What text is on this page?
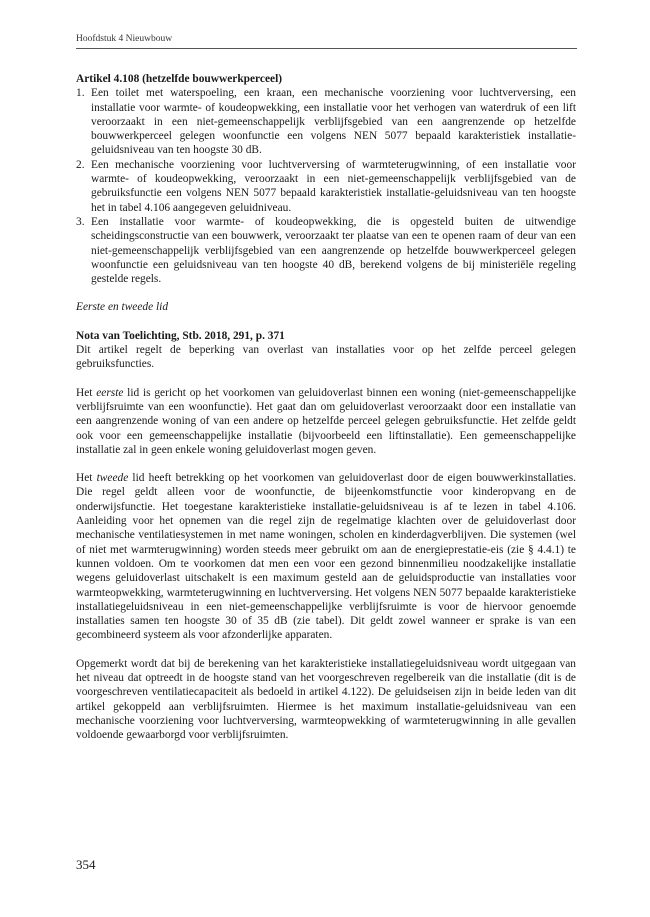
Hoofdstuk 4 Nieuwbouw

Artikel 4.108 (hetzelfde bouwwerkperceel)

1. Een toilet met waterspoeling, een kraan, een mechanische voorziening voor luchtverversing, een installatie voor warmte- of koudeopwekking, een installatie voor het verhogen van waterdruk of een lift veroorzaakt in een niet-gemeenschappelijk verblijfsgebied van een aangrenzende op hetzelfde bouwwerkperceel gelegen woonfunctie een volgens NEN 5077 bepaald karakteristiek installatie-geluidsniveau van ten hoogste 30 dB.
2. Een mechanische voorziening voor luchtverversing of warmteterugwinning, of een installatie voor warmte- of koudeopwekking, veroorzaakt in een niet-gemeenschappelijk verblijfsgebied van de gebruiksfunctie een volgens NEN 5077 bepaald karakteristiek installatie-geluidsniveau van ten hoogste het in tabel 4.106 aangegeven geluidniveau.
3. Een installatie voor warmte- of koudeopwekking, die is opgesteld buiten de uitwendige scheidingsconstructie van een bouwwerk, veroorzaakt ter plaatse van een te openen raam of deur van een niet-gemeenschappelijk verblijfsgebied van een aangrenzende op hetzelfde bouwwerkperceel gelegen woonfunctie een geluidsniveau van ten hoogste 40 dB, berekend volgens de bij ministeriële regeling gestelde regels.

Eerste en tweede lid

Nota van Toelichting, Stb. 2018, 291, p. 371

Dit artikel regelt de beperking van overlast van installaties voor op het zelfde perceel gelegen gebruiksfuncties.

Het eerste lid is gericht op het voorkomen van geluidoverlast binnen een woning (niet-gemeenschappelijke verblijfsruimte van een woonfunctie). Het gaat dan om geluidoverlast veroorzaakt door een installatie van een aangrenzende woning of van een andere op hetzelfde perceel gelegen gebruiksfunctie. Het zelfde geldt ook voor een gemeenschappelijke installatie (bijvoorbeeld een liftinstallatie). Een gemeenschappelijke installatie zal in geen enkele woning geluidoverlast mogen geven.

Het tweede lid heeft betrekking op het voorkomen van geluidoverlast door de eigen bouwwerkinstallaties. Die regel geldt alleen voor de woonfunctie, de bijeenkomstfunctie voor kinderopvang en de onderwijsfunctie. Het toegestane karakteristieke installatie-geluidsniveau is af te lezen in tabel 4.106. Aanleiding voor het opnemen van die regel zijn de regelmatige klachten over de geluidoverlast door mechanische ventilatiesystemen in met name woningen, scholen en kinderdagverblijven. Die systemen (wel of niet met warmterugwinning) worden steeds meer gebruikt om aan de energieprestatie-eis (zie § 4.4.1) te kunnen voldoen. Om te voorkomen dat men een voor een gezond binnenmilieu noodzakelijke installatie wegens geluidoverlast uitschakelt is een maximum gesteld aan de geluidsproductie van installaties voor warmteopwekking, warmteterugwinning en luchtverversing. Het volgens NEN 5077 bepaalde karakteristieke installatiegeluidsniveau in een niet-gemeenschappelijke verblijfsruimte is voor de hiervoor genoemde installaties samen ten hoogste 30 of 35 dB (zie tabel). Dit geldt zowel wanneer er sprake is van een gecombineerd systeem als voor afzonderlijke apparaten.

Opgemerkt wordt dat bij de berekening van het karakteristieke installatiegeluidsniveau wordt uitgegaan van het niveau dat optreedt in de hoogste stand van het voorgeschreven regelbereik van die installatie (dit is de voorgeschreven ventilatiecapaciteit als bedoeld in artikel 4.122). De geluidseisen zijn in beide leden van dit artikel gekoppeld aan verblijfsruimten. Hiermee is het maximum installatie-geluidsniveau van een mechanische voorziening voor luchtverversing, warmteopwekking of warmteterugwinning in alle gevallen voldoende gewaarborgd voor verblijfsruimten.

354
